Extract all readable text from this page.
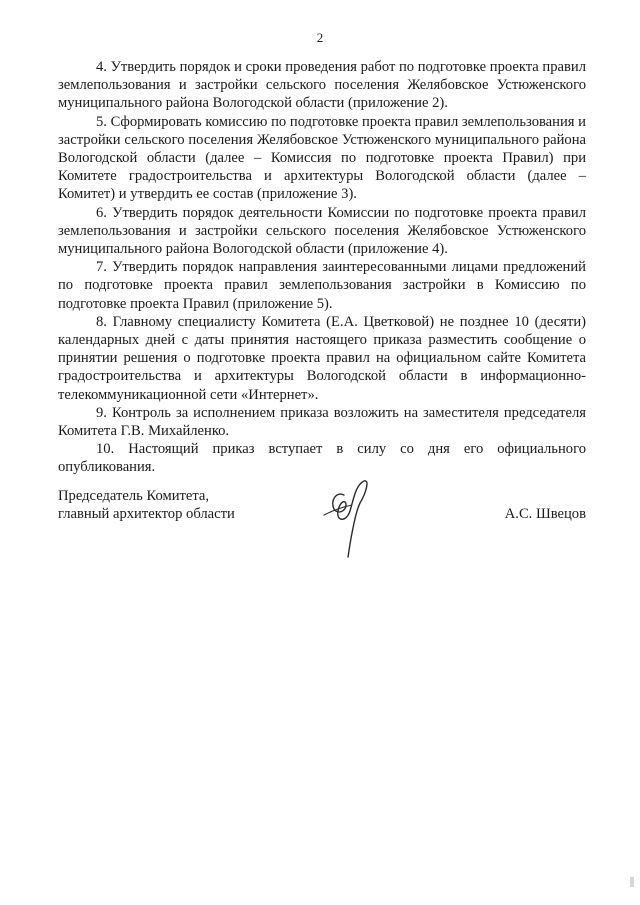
2

4. Утвердить порядок и сроки проведения работ по подготовке проекта правил землепользования и застройки сельского поселения Желябовское Устюженского муниципального района Вологодской области (приложение 2).

5. Сформировать комиссию по подготовке проекта правил землепользования и застройки сельского поселения Желябовское Устюженского муниципального района Вологодской области (далее – Комиссия по подготовке проекта Правил) при Комитете градостроительства и архитектуры Вологодской области (далее – Комитет) и утвердить ее состав (приложение 3).

6. Утвердить порядок деятельности Комиссии по подготовке проекта правил землепользования и застройки сельского поселения Желябовское Устюженского муниципального района Вологодской области (приложение 4).

7. Утвердить порядок направления заинтересованными лицами предложений по подготовке проекта правил землепользования застройки в Комиссию по подготовке проекта Правил (приложение 5).

8. Главному специалисту Комитета (Е.А. Цветковой) не позднее 10 (десяти) календарных дней с даты принятия настоящего приказа разместить сообщение о принятии решения о подготовке проекта правил на официальном сайте Комитета градостроительства и архитектуры Вологодской области в информационно-телекоммуникационной сети «Интернет».

9. Контроль за исполнением приказа возложить на заместителя председателя Комитета Г.В. Михайленко.

10. Настоящий приказ вступает в силу со дня его официального опубликования.

Председатель Комитета,
главный архитектор области	А.С. Швецов
